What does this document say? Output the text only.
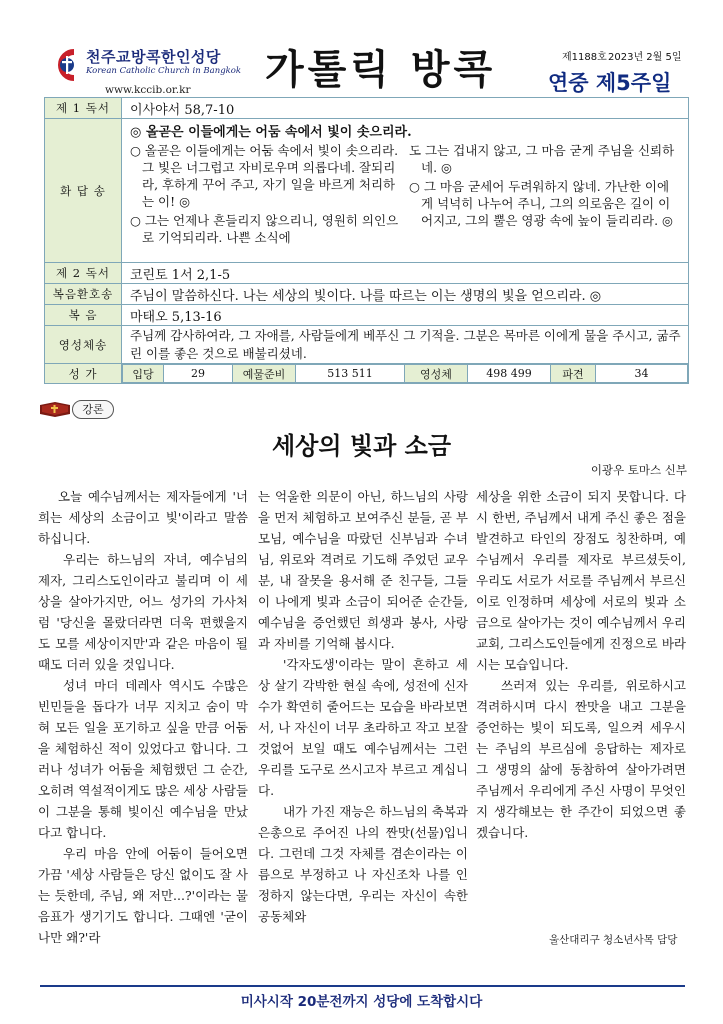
천주교방콕한인성당
Korean Catholic Church in Bangkok
www.kccib.or.kr 가톨릭 방콕	제1188호 2023년 2월 5일
연중 제5주일
제 1 독서	이사야서 58,7-10
화 답 송	
◎ 올곧은 이들에게는 어둠 속에서 빛이 솟으리라.

○ 올곧은 이들에게는 어둠 속에서 빛이 솟으리라. 그 빛은 너그럽고 자비로우며 의롭다네. 잘되리라, 후하게 꾸어 주고, 자기 일을 바르게 처리하는 이! ◎

○ 그는 언제나 흔들리지 않으리니, 영원히 의인으로 기억되리라. 나쁜 소식에

도 그는 겁내지 않고, 그 마음 굳게 주님을 신뢰하네. ◎

○ 그 마음 굳세어 두려워하지 않네. 가난한 이에게 넉넉히 나누어 주니, 그의 의로움은 길이 이어지고, 그의 뿔은 영광 속에 높이 들리리라. ◎

제 2 독서	코린토 1서 2,1-5
복음환호송	주님이 말씀하신다. 나는 세상의 빛이다. 나를 따르는 이는 생명의 빛을 얻으리라. ◎
복 음	마태오 5,13-16
영성체송	주님께 감사하여라, 그 자애를, 사람들에게 베푸신 그 기적을. 그분은 목마른 이에게 물을 주시고, 굶주린 이를 좋은 것으로 배불리셨네.
성 가		입당	29	예물준비	513 511	영성체	498 499	파견	34
강론
세상의 빛과 소금
이광우 토마스 신부

오늘 예수님께서는 제자들에게 '너희는 세상의 소금이고 빛'이라고 말씀하십니다.

우리는 하느님의 자녀, 예수님의 제자, 그리스도인이라고 불리며 이 세상을 살아가지만, 어느 성가의 가사처럼 '당신을 몰랐더라면 더욱 편했을지도 모를 세상이지만'과 같은 마음이 될 때도 더러 있을 것입니다.

성녀 마더 데레사 역시도 수많은 빈민들을 돕다가 너무 지치고 숨이 막혀 모든 일을 포기하고 싶을 만큼 어둠을 체험하신 적이 있었다고 합니다. 그러나 성녀가 어둠을 체험했던 그 순간, 오히려 역설적이게도 많은 세상 사람들이 그분을 통해 빛이신 예수님을 만났다고 합니다.

우리 마음 안에 어둠이 들어오면 가끔 '세상 사람들은 당신 없이도 잘 사는 듯한데, 주님, 왜 저만...?'이라는 물음표가 생기기도 합니다. 그때엔 '굳이 나만 왜?'라

는 억울한 의문이 아닌, 하느님의 사랑을 먼저 체험하고 보여주신 분들, 곧 부모님, 예수님을 따랐던 신부님과 수녀님, 위로와 격려로 기도해 주었던 교우분, 내 잘못을 용서해 준 친구들, 그들이 나에게 빛과 소금이 되어준 순간들, 예수님을 증언했던 희생과 봉사, 사랑과 자비를 기억해 봅시다.

'각자도생'이라는 말이 흔하고 세상 살기 각박한 현실 속에, 성전에 신자 수가 확연히 줄어드는 모습을 바라보면서, 나 자신이 너무 초라하고 작고 보잘것없어 보일 때도 예수님께서는 그런 우리를 도구로 쓰시고자 부르고 계십니다.

내가 가진 재능은 하느님의 축복과 은총으로 주어진 나의 짠맛(선물)입니다. 그런데 그것 자체를 겸손이라는 이름으로 부정하고 나 자신조차 나를 인정하지 않는다면, 우리는 자신이 속한 공동체와

세상을 위한 소금이 되지 못합니다. 다시 한번, 주님께서 내게 주신 좋은 점을 발견하고 타인의 장점도 칭찬하며, 예수님께서 우리를 제자로 부르셨듯이, 우리도 서로가 서로를 주님께서 부르신 이로 인정하며 세상에 서로의 빛과 소금으로 살아가는 것이 예수님께서 우리 교회, 그리스도인들에게 진정으로 바라시는 모습입니다.

쓰러져 있는 우리를, 위로하시고 격려하시며 다시 짠맛을 내고 그분을 증언하는 빛이 되도록, 일으켜 세우시는 주님의 부르심에 응답하는 제자로 그 생명의 삶에 동참하여 살아가려면 주님께서 우리에게 주신 사명이 무엇인지 생각해보는 한 주간이 되었으면 좋겠습니다.

울산대리구 청소년사목 담당
미사시작 20분전까지 성당에 도착합시다
